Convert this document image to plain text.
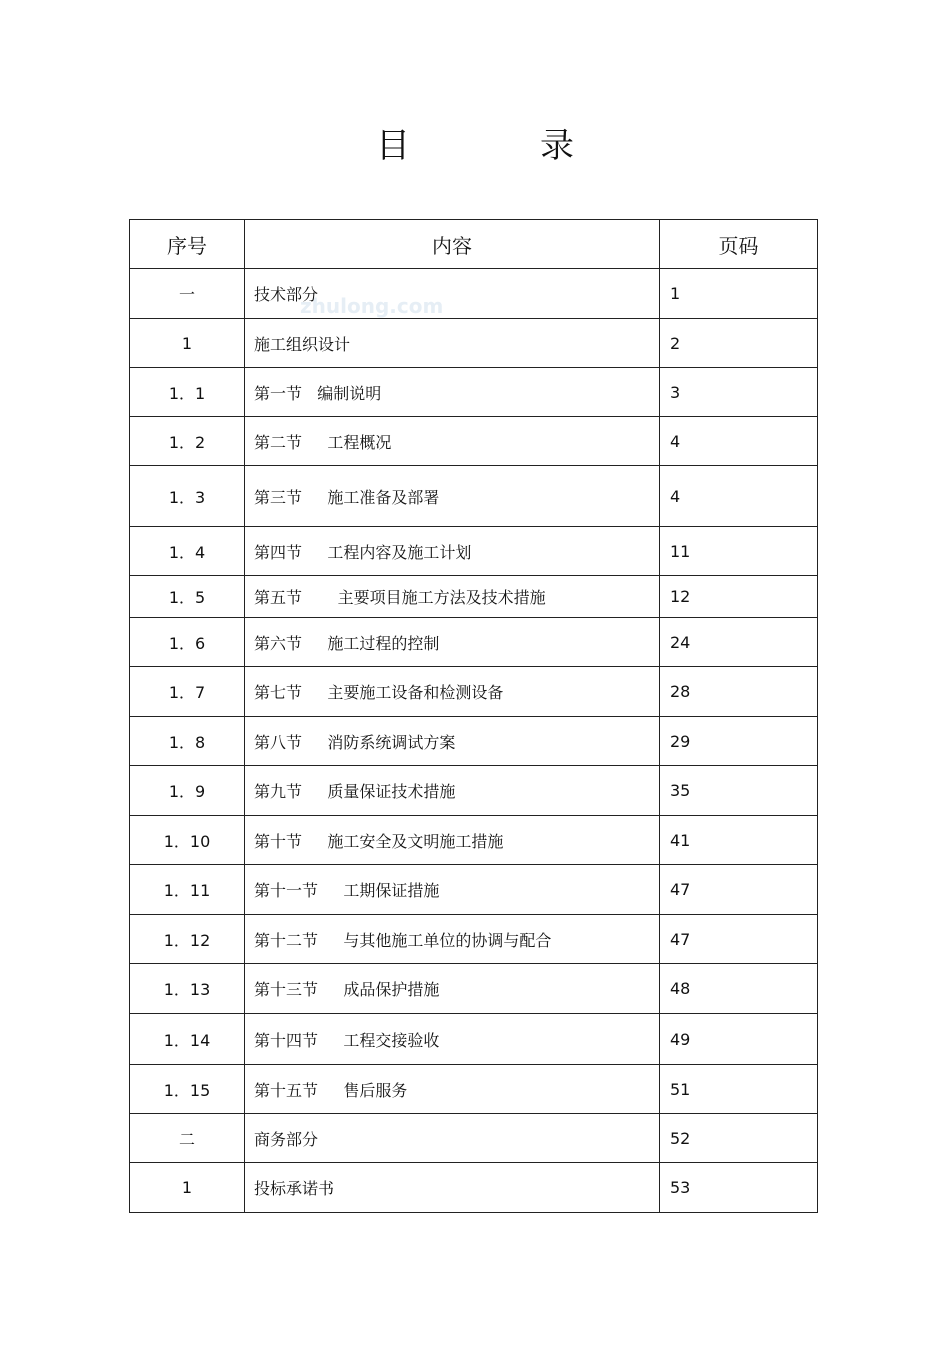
目　录
zhulong.com
序号	内容	页码
一	技术部分	1
1	施工组织设计	2
1．1	第一节   编制说明	3
1．2	第二节     工程概况	4
1．3	第三节     施工准备及部署	4
1．4	第四节     工程内容及施工计划	11
1．5	第五节       主要项目施工方法及技术措施	12
1．6	第六节     施工过程的控制	24
1．7	第七节     主要施工设备和检测设备	28
1．8	第八节     消防系统调试方案	29
1．9	第九节     质量保证技术措施	35
1．10	第十节     施工安全及文明施工措施	41
1．11	第十一节     工期保证措施	47
1．12	第十二节     与其他施工单位的协调与配合	47
1．13	第十三节     成品保护措施	48
1．14	第十四节     工程交接验收	49
1．15	第十五节     售后服务	51
二	商务部分	52
1	投标承诺书	53
